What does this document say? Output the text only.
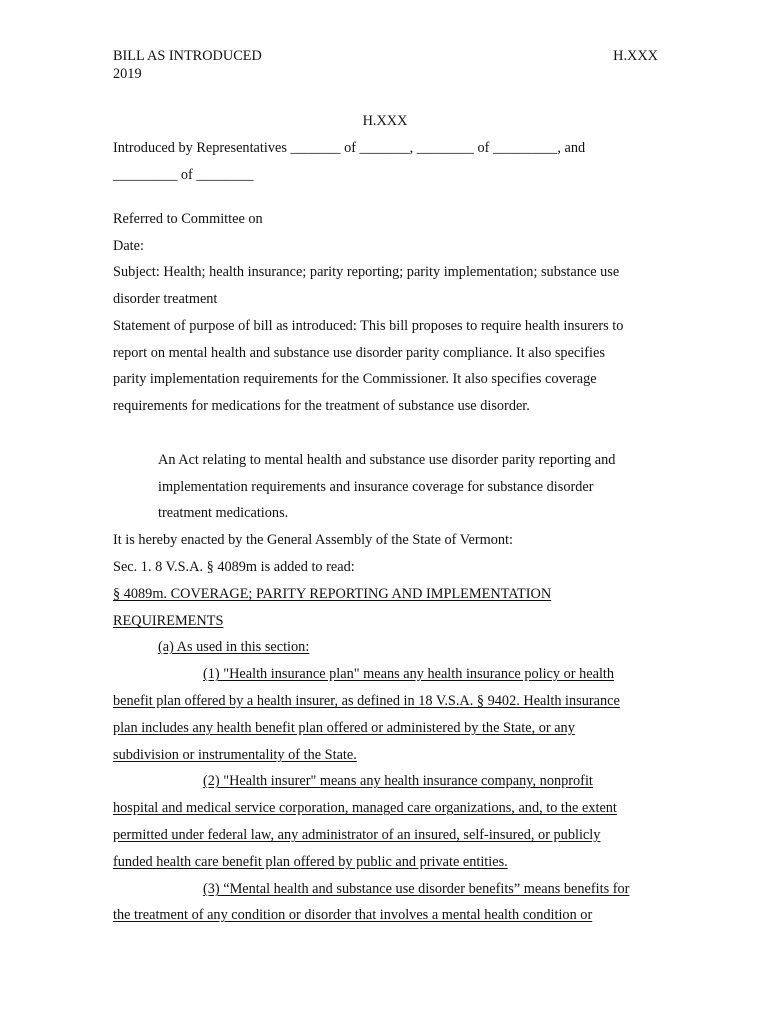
BILL AS INTRODUCED
2019
H.XXX
H.XXX
Introduced by Representatives _______ of _______, ________ of _________, and
_________ of ________
Referred to Committee on
Date:
Subject: Health; health insurance; parity reporting; parity implementation; substance use
disorder treatment
Statement of purpose of bill as introduced: This bill proposes to require health insurers to
report on mental health and substance use disorder parity compliance. It also specifies
parity implementation requirements for the Commissioner. It also specifies coverage
requirements for medications for the treatment of substance use disorder.
An Act relating to mental health and substance use disorder parity reporting and
implementation requirements and insurance coverage for substance disorder
treatment medications.
It is hereby enacted by the General Assembly of the State of Vermont:
Sec. 1. 8 V.S.A. § 4089m is added to read:
§ 4089m. COVERAGE; PARITY REPORTING AND IMPLEMENTATION
REQUIREMENTS
(a) As used in this section:
(1) "Health insurance plan" means any health insurance policy or health
benefit plan offered by a health insurer, as defined in 18 V.S.A. § 9402. Health insurance
plan includes any health benefit plan offered or administered by the State, or any
subdivision or instrumentality of the State.
(2) "Health insurer" means any health insurance company, nonprofit
hospital and medical service corporation, managed care organizations, and, to the extent
permitted under federal law, any administrator of an insured, self-insured, or publicly
funded health care benefit plan offered by public and private entities.
(3) “Mental health and substance use disorder benefits” means benefits for
the treatment of any condition or disorder that involves a mental health condition or
